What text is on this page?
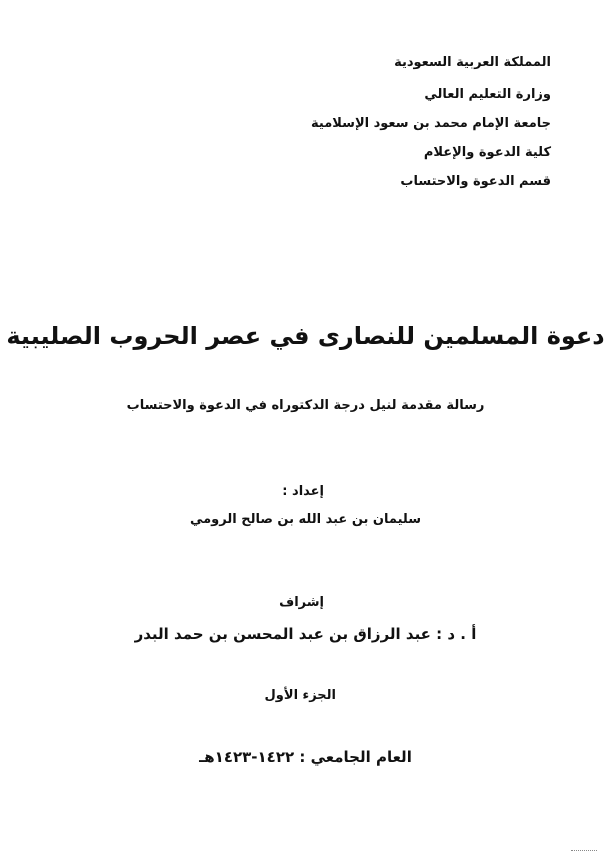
المملكة العربية السعودية
وزارة التعليم العالي
جامعة الإمام محمد بن سعود الإسلامية
كلية الدعوة والإعلام
قسم الدعوة والاحتساب
دعوة المسلمين للنصارى في عصر الحروب الصليبية
رسالة مقدمة لنيل درجة الدكتوراه في الدعوة والاحتساب
إعداد :
سليمان بن عبد الله بن صالح الرومي
إشراف
أ . د : عبد الرزاق بن عبد المحسن بن حمد البدر
الجزء الأول
العام الجامعي : ١٤٢٢-١٤٢٣هـ
